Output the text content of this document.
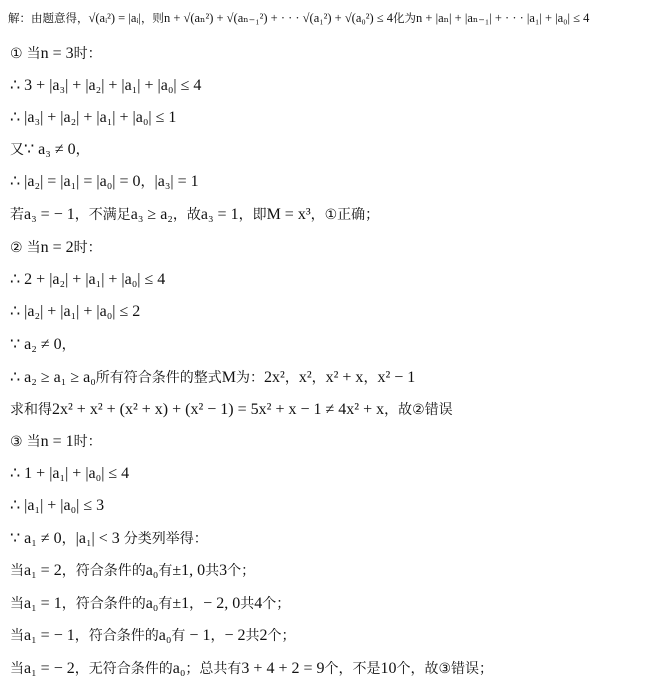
解：由题意得，√(aᵢ²) = |aᵢ|，则n + √(aₙ²) + √(aₙ₋₁²) + · · · √(a₁²) + √(a₀²) ≤ 4化为n + |aₙ| + |aₙ₋₁| + · · · |a₁| + |a₀| ≤ 4
① 当n = 3时：
∴ 3 + |a₃| + |a₂| + |a₁| + |a₀| ≤ 4
∴ |a₃| + |a₂| + |a₁| + |a₀| ≤ 1
又∵ a₃ ≠ 0，
∴ |a₂| = |a₁| = |a₀| = 0，|a₃| = 1
若a₃ = − 1，不满足a₃ ≥ a₂，故a₃ = 1，即M = x³，①正确；
② 当n = 2时：
∴ 2 + |a₂| + |a₁| + |a₀| ≤ 4
∴ |a₂| + |a₁| + |a₀| ≤ 2
∵ a₂ ≠ 0，
∴ a₂ ≥ a₁ ≥ a₀所有符合条件的整式M为：2x²，x²，x² + x，x² − 1
求和得2x² + x² + (x² + x) + (x² − 1) = 5x² + x − 1 ≠ 4x² + x，故②错误
③ 当n = 1时：
∴ 1 + |a₁| + |a₀| ≤ 4
∴ |a₁| + |a₀| ≤ 3
∵ a₁ ≠ 0，|a₁| < 3 分类列举得：
当a₁ = 2，符合条件的a₀有±1, 0共3个；
当a₁ = 1，符合条件的a₀有±1，− 2, 0共4个；
当a₁ = − 1，符合条件的a₀有 − 1，− 2共2个；
当a₁ = − 2，无符合条件的a₀；总共有3 + 4 + 2 = 9个，不是10个，故③错误；
